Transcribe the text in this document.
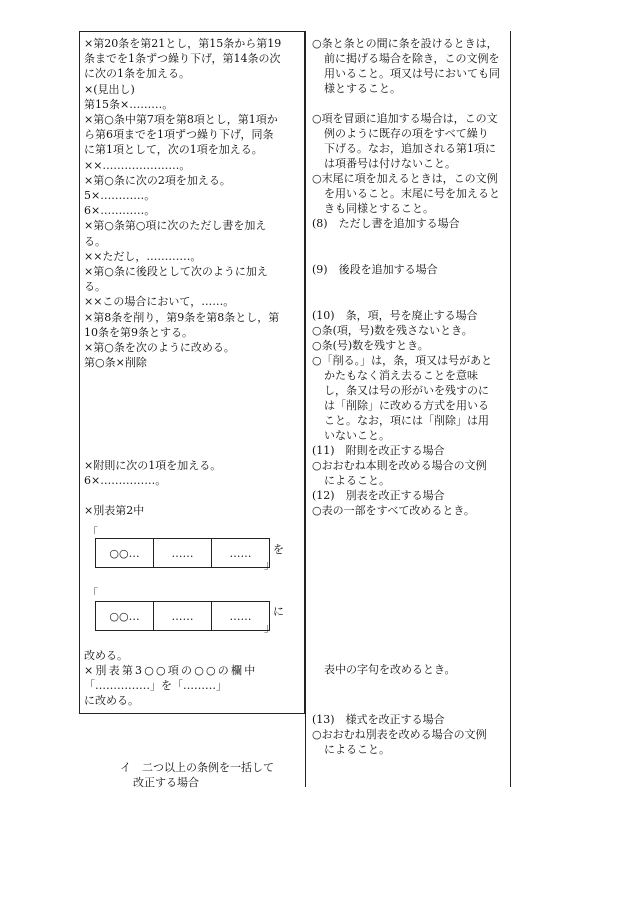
×第20条を第21とし，第15条から第19
条までを1条ずつ繰り下げ，第14条の次
に次の1条を加える。
×(見出し)
第15条×………。
×第○条中第7項を第8項とし，第1項か
ら第6項までを1項ずつ繰り下げ，同条
に第1項として，次の1項を加える。
××…………………。
×第○条に次の2項を加える。
5×…………。
6×…………。
×第○条第○項に次のただし書を加え
る。
××ただし，…………。
×第○条に後段として次のように加え
る。
××この場合において，……。
×第8条を削り，第9条を第8条とし，第
10条を第9条とする。
×第○条を次のように改める。
第○条×削除
×附則に次の1項を加える。
6×……………。
×別表第2中
「
○○…	……	……	を
」
「
○○…	……	……	に
」
改める。
×別表第3○○項の○○の欄中
「……………」を「………」
に改める。
○条と条との間に条を設けるときは，
前に掲げる場合を除き，この文例を
用いること。項又は号においても同
様とすること。
○項を冒頭に追加する場合は，この文
例のように既存の項をすべて繰り
下げる。なお，追加される第1項に
は項番号は付けないこと。
○末尾に項を加えるときは，この文例
を用いること。末尾に号を加えると
きも同様とすること。
(8)　ただし書を追加する場合
(9)　後段を追加する場合
(10)　条，項，号を廃止する場合
○条(項，号)数を残さないとき。
○条(号)数を残すとき。
○「削る。」は，条，項又は号があと
かたもなく消え去ることを意味
し，条又は号の形がいを残すのに
は「削除」に改める方式を用いる
こと。なお，項には「削除」は用
いないこと。
(11)　附則を改正する場合
○おおむね本則を改める場合の文例
によること。
(12)　別表を改正する場合
○表の一部をすべて改めるとき。
表中の字句を改めるとき。
(13)　様式を改正する場合
○おおむね別表を改める場合の文例
によること。
イ　二つ以上の条例を一括して
改正する場合
